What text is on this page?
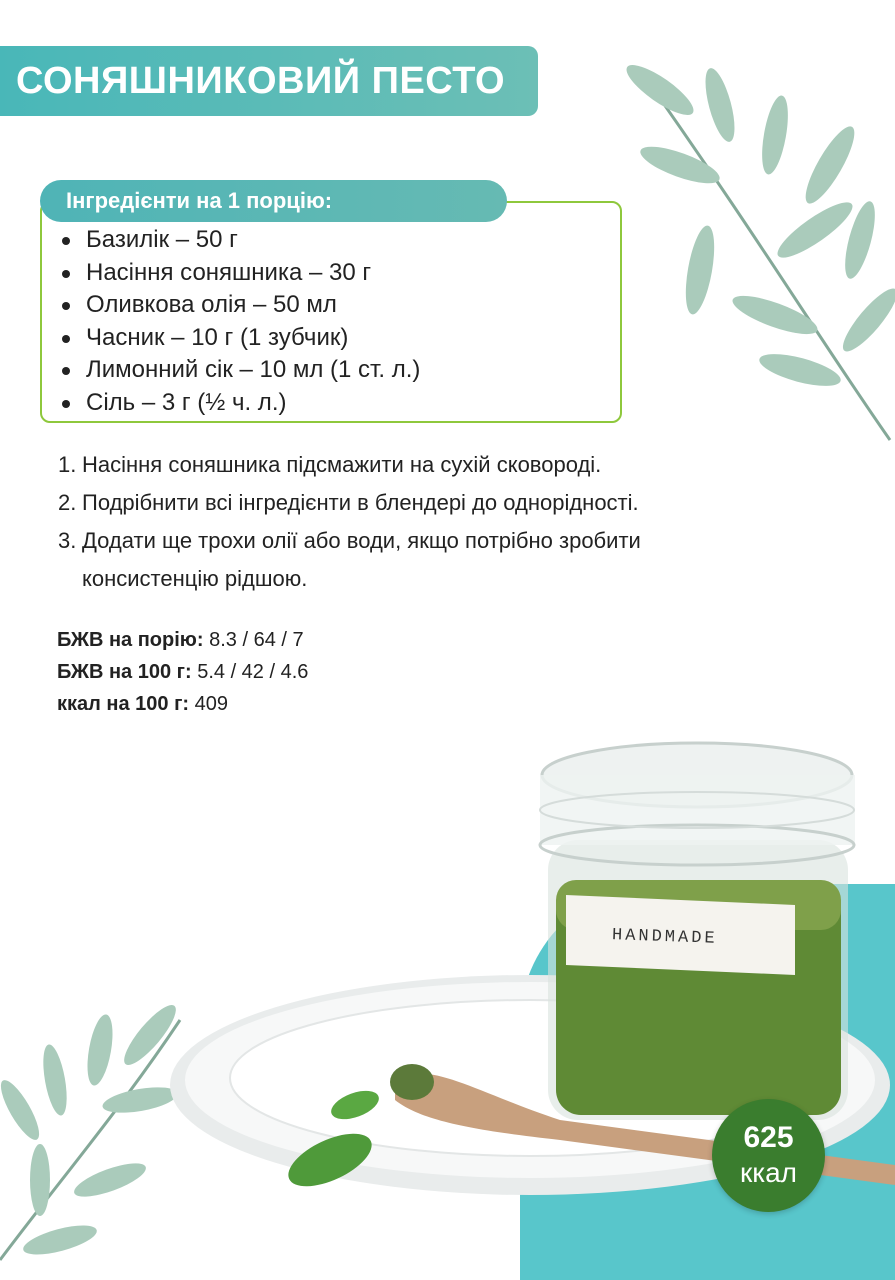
СОНЯШНИКОВИЙ ПЕСТО
Інгредієнти на 1 порцію:
Базилік – 50 г
Насіння соняшника – 30 г
Оливкова олія – 50 мл
Часник – 10 г (1 зубчик)
Лимонний сік – 10 мл (1 ст. л.)
Сіль – 3 г (½ ч. л.)
1. Насіння соняшника підсмажити на сухій сковороді.
2. Подрібнити всі інгредієнти в блендері до однорідності.
3. Додати ще трохи олії або води, якщо потрібно зробити консистенцію рідшою.
БЖВ на порію: 8.3 / 64 / 7
БЖВ на 100 г: 5.4 / 42 / 4.6
ккал на 100 г: 409
HANDMADE
625
ккал
